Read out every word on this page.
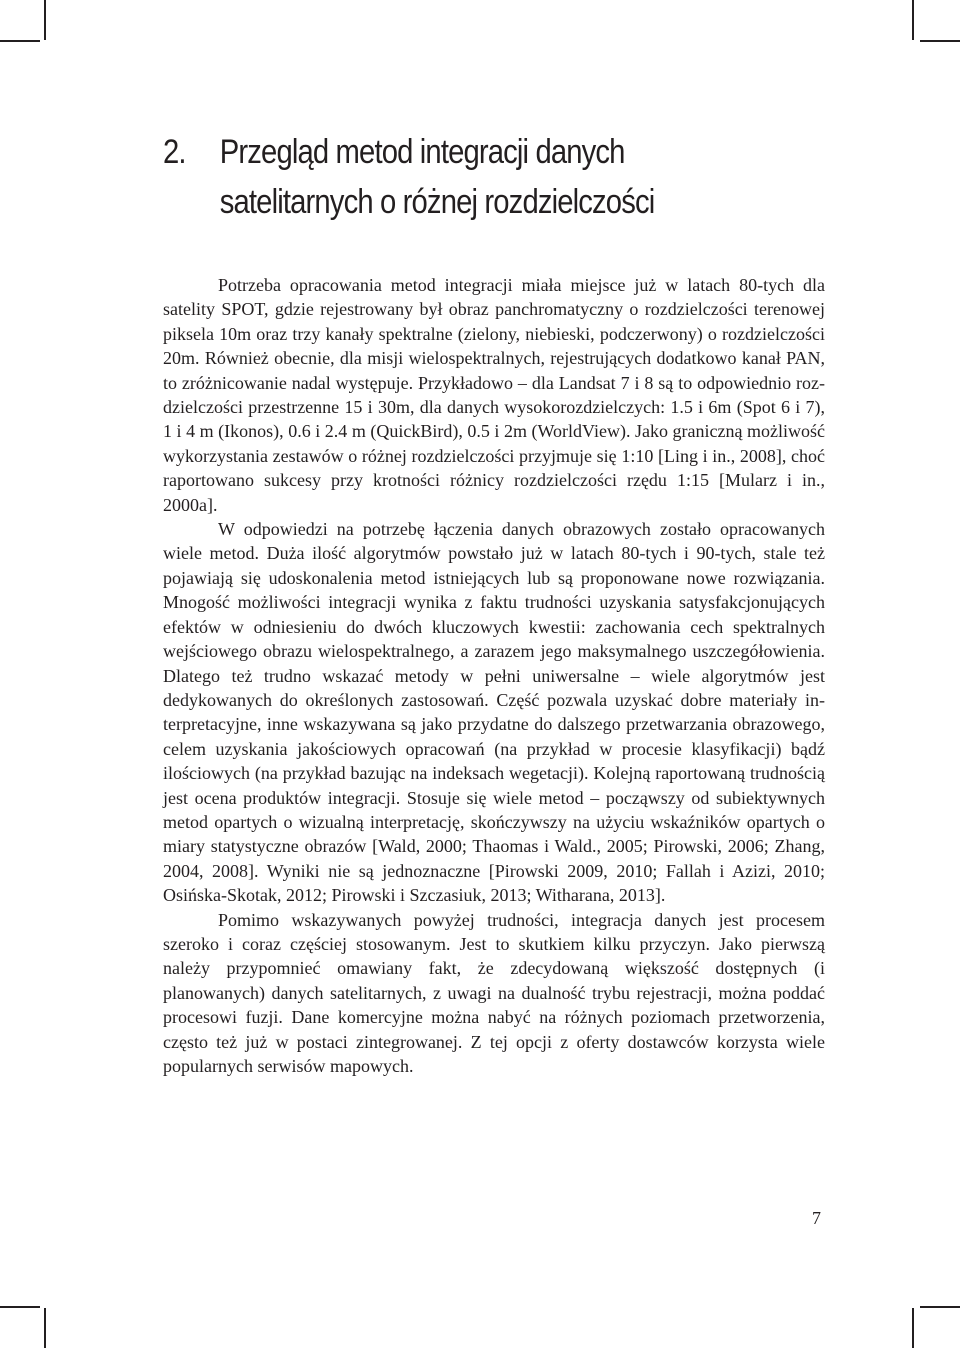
2. Przegląd metod integracji danych
satelitarnych o różnej rozdzielczości

Potrzeba opracowania metod integracji miała miejsce już w latach 80-tych dla satelity SPOT, gdzie rejestrowany był obraz panchromatyczny o rozdzielczości terenowej piksela 10m oraz trzy kanały spektralne (zielony, niebieski, podczerwony) o rozdzielczości 20m. Również obecnie, dla misji wielospektralnych, rejestrujących dodatkowo kanał PAN, to zróżnicowanie nadal występuje. Przykładowo – dla Landsat 7 i 8 są to odpowiednio rozdzielczości przestrzenne 15 i 30m, dla danych wysokorozdzielczych: 1.5 i 6m (Spot 6 i 7), 1 i 4 m (Ikonos), 0.6 i 2.4 m (QuickBird), 0.5 i 2m (WorldView). Jako graniczną możliwość wykorzystania zestawów o różnej rozdzielczości przyjmuje się 1:10 [Ling i in., 2008], choć raportowano sukcesy przy krotności różnicy rozdzielczości rzędu 1:15 [Mularz i in., 2000a].

W odpowiedzi na potrzebę łączenia danych obrazowych zostało opracowanych wiele metod. Duża ilość algorytmów powstało już w latach 80-tych i 90-tych, stale też pojawiają się udoskonalenia metod istniejących lub są proponowane nowe rozwiązania. Mnogość możliwości integracji wynika z faktu trudności uzyskania satysfakcjonujących efektów w odniesieniu do dwóch kluczowych kwestii: zachowania cech spektralnych wejściowego obrazu wielospektralnego, a zarazem jego maksymalnego uszczegółowienia. Dlatego też trudno wskazać metody w pełni uniwersalne – wiele algorytmów jest dedykowanych do określonych zastosowań. Część pozwala uzyskać dobre materiały interpretacyjne, inne wskazywana są jako przydatne do dalszego przetwarzania obrazowego, celem uzyskania jakościowych opracowań (na przykład w procesie klasyfikacji) bądź ilościowych (na przykład bazując na indeksach wegetacji). Kolejną raportowaną trudnością jest ocena produktów integracji. Stosuje się wiele metod – począwszy od subiektywnych metod opartych o wizualną interpretację, skończywszy na użyciu wskaźników opartych o miary statystyczne obrazów [Wald, 2000; Thaomas i Wald., 2005; Pirowski, 2006; Zhang, 2004, 2008]. Wyniki nie są jednoznaczne [Pirowski 2009, 2010; Fallah i Azizi, 2010; Osińska-Skotak, 2012; Pirowski i Szczasiuk, 2013; Witharana, 2013].

Pomimo wskazywanych powyżej trudności, integracja danych jest procesem szeroko i coraz częściej stosowanym. Jest to skutkiem kilku przyczyn. Jako pierwszą należy przypomnieć omawiany fakt, że zdecydowaną większość dostępnych (i planowanych) danych satelitarnych, z uwagi na dualność trybu rejestracji, można poddać procesowi fuzji. Dane komercyjne można nabyć na różnych poziomach przetworzenia, często też już w postaci zintegrowanej. Z tej opcji z oferty dostawców korzysta wiele popularnych serwisów mapowych.

7
